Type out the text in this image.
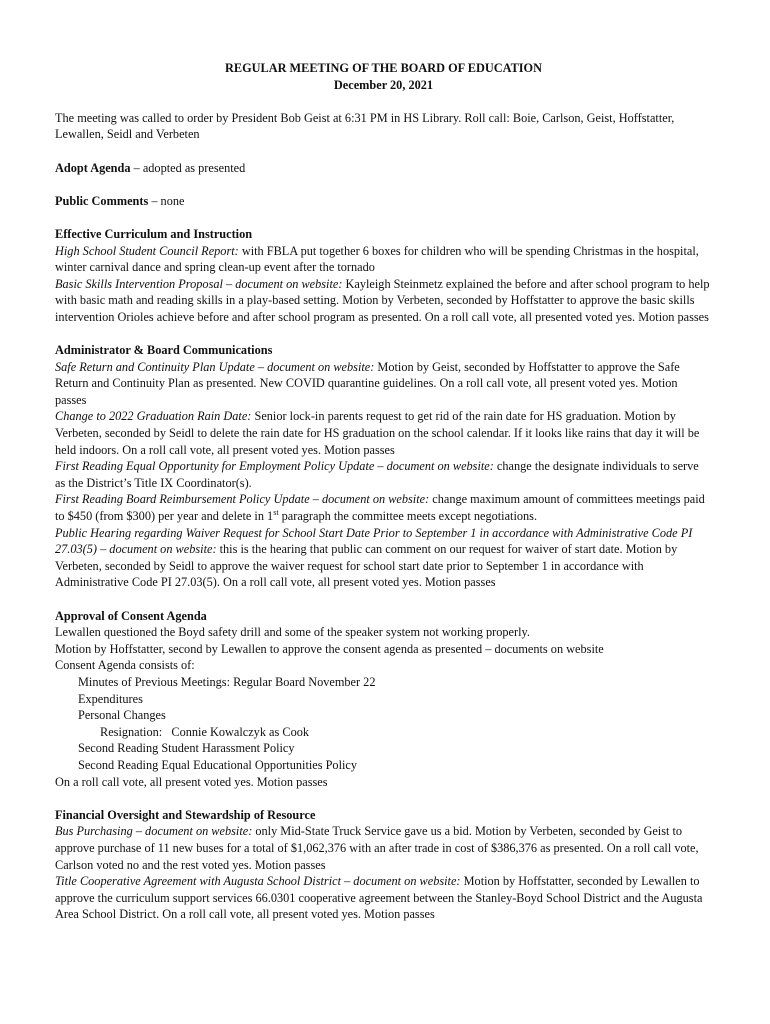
REGULAR MEETING OF THE BOARD OF EDUCATION

December 20, 2021

The meeting was called to order by President Bob Geist at 6:31 PM in HS Library. Roll call: Boie, Carlson, Geist, Hoffstatter, Lewallen, Seidl and Verbeten

Adopt Agenda – adopted as presented

Public Comments – none

Effective Curriculum and Instruction

High School Student Council Report: with FBLA put together 6 boxes for children who will be spending Christmas in the hospital, winter carnival dance and spring clean-up event after the tornado

Basic Skills Intervention Proposal – document on website: Kayleigh Steinmetz explained the before and after school program to help with basic math and reading skills in a play-based setting. Motion by Verbeten, seconded by Hoffstatter to approve the basic skills intervention Orioles achieve before and after school program as presented. On a roll call vote, all presented voted yes. Motion passes

Administrator & Board Communications

Safe Return and Continuity Plan Update – document on website: Motion by Geist, seconded by Hoffstatter to approve the Safe Return and Continuity Plan as presented. New COVID quarantine guidelines. On a roll call vote, all present voted yes. Motion passes

Change to 2022 Graduation Rain Date: Senior lock-in parents request to get rid of the rain date for HS graduation. Motion by Verbeten, seconded by Seidl to delete the rain date for HS graduation on the school calendar. If it looks like rains that day it will be held indoors. On a roll call vote, all present voted yes. Motion passes

First Reading Equal Opportunity for Employment Policy Update – document on website: change the designate individuals to serve as the District’s Title IX Coordinator(s).

First Reading Board Reimbursement Policy Update – document on website: change maximum amount of committees meetings paid to $450 (from $300) per year and delete in 1st paragraph the committee meets except negotiations.

Public Hearing regarding Waiver Request for School Start Date Prior to September 1 in accordance with Administrative Code PI 27.03(5) – document on website: this is the hearing that public can comment on our request for waiver of start date. Motion by Verbeten, seconded by Seidl to approve the waiver request for school start date prior to September 1 in accordance with Administrative Code PI 27.03(5). On a roll call vote, all present voted yes. Motion passes

Approval of Consent Agenda

Lewallen questioned the Boyd safety drill and some of the speaker system not working properly.

Motion by Hoffstatter, second by Lewallen to approve the consent agenda as presented – documents on website

Consent Agenda consists of:

Minutes of Previous Meetings: Regular Board November 22

Expenditures

Personal Changes

Resignation:   Connie Kowalczyk as Cook

Second Reading Student Harassment Policy

Second Reading Equal Educational Opportunities Policy

On a roll call vote, all present voted yes. Motion passes

Financial Oversight and Stewardship of Resource

Bus Purchasing – document on website: only Mid-State Truck Service gave us a bid. Motion by Verbeten, seconded by Geist to approve purchase of 11 new buses for a total of $1,062,376 with an after trade in cost of $386,376 as presented. On a roll call vote, Carlson voted no and the rest voted yes. Motion passes

Title Cooperative Agreement with Augusta School District – document on website: Motion by Hoffstatter, seconded by Lewallen to approve the curriculum support services 66.0301 cooperative agreement between the Stanley-Boyd School District and the Augusta Area School District. On a roll call vote, all present voted yes. Motion passes
